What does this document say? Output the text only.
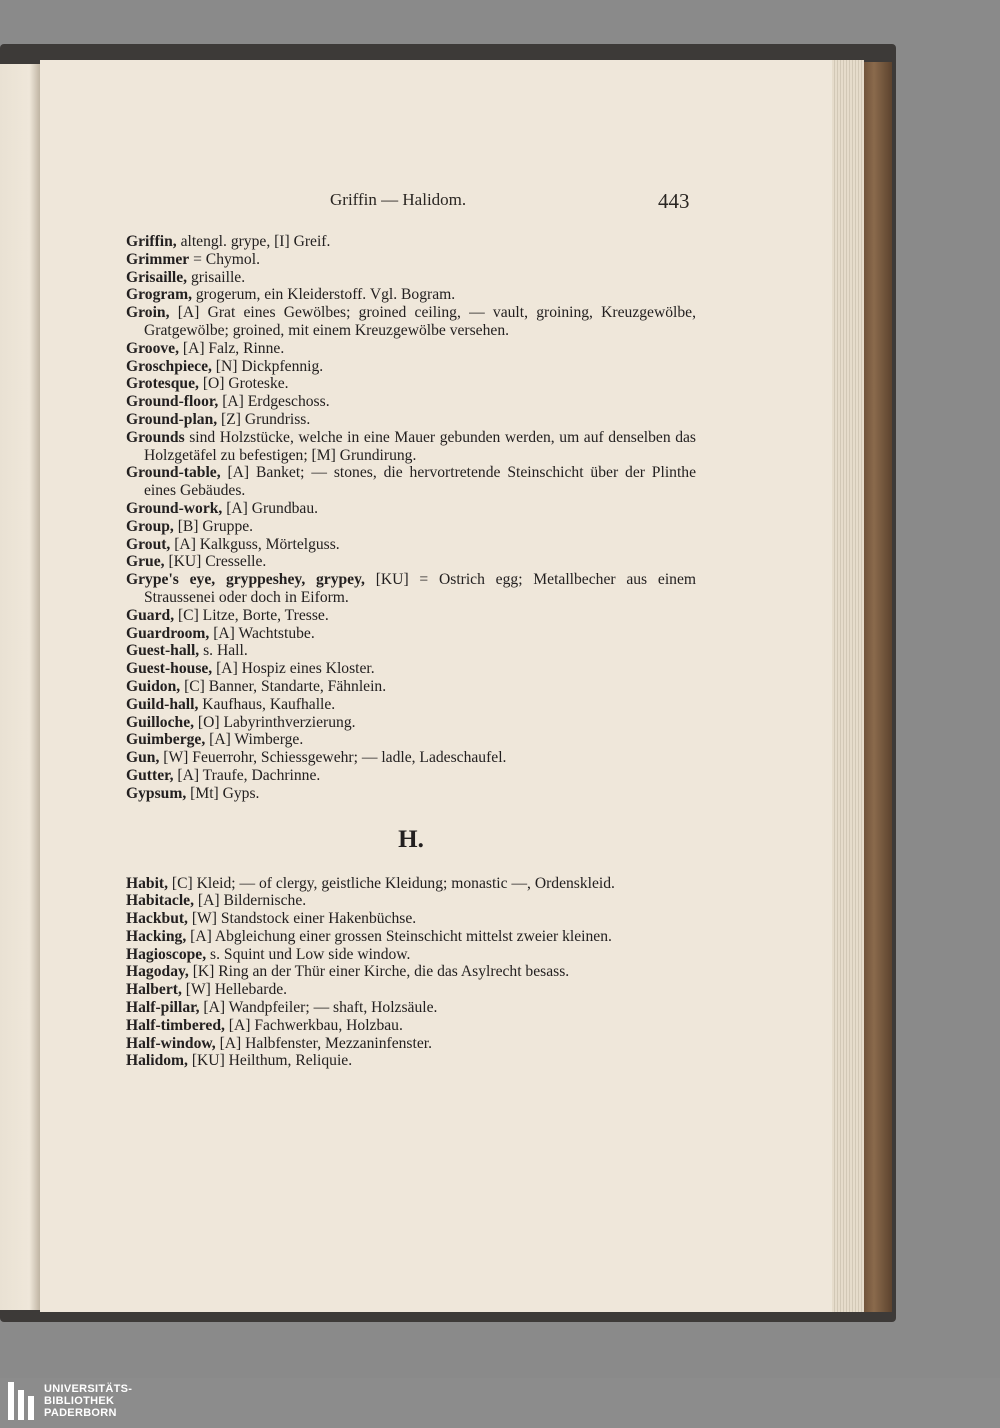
Griffin — Halidom.	443
Griffin, altengl. grype, [I] Greif.
Grimmer = Chymol.
Grisaille, grisaille.
Grogram, grogerum, ein Kleiderstoff. Vgl. Bogram.
Groin, [A] Grat eines Gewölbes; groined ceiling, — vault, groining, Kreuzgewölbe, Gratgewölbe; groined, mit einem Kreuzgewölbe versehen.
Groove, [A] Falz, Rinne.
Groschpiece, [N] Dickpfennig.
Grotesque, [O] Groteske.
Ground-floor, [A] Erdgeschoss.
Ground-plan, [Z] Grundriss.
Grounds sind Holzstücke, welche in eine Mauer gebunden werden, um auf denselben das Holzgetäfel zu befestigen; [M] Grundirung.
Ground-table, [A] Banket; — stones, die hervortretende Steinschicht über der Plinthe eines Gebäudes.
Ground-work, [A] Grundbau.
Group, [B] Gruppe.
Grout, [A] Kalkguss, Mörtelguss.
Grue, [KU] Cresselle.
Grype's eye, gryppeshey, grypey, [KU] = Ostrich egg; Metallbecher aus einem Straussenei oder doch in Eiform.
Guard, [C] Litze, Borte, Tresse.
Guardroom, [A] Wachtstube.
Guest-hall, s. Hall.
Guest-house, [A] Hospiz eines Kloster.
Guidon, [C] Banner, Standarte, Fähnlein.
Guild-hall, Kaufhaus, Kaufhalle.
Guilloche, [O] Labyrinthverzierung.
Guimberge, [A] Wimberge.
Gun, [W] Feuerrohr, Schiessgewehr; — ladle, Ladeschaufel.
Gutter, [A] Traufe, Dachrinne.
Gypsum, [Mt] Gyps.
H.
Habit, [C] Kleid; — of clergy, geistliche Kleidung; monastic —, Ordenskleid.
Habitacle, [A] Bildernische.
Hackbut, [W] Standstock einer Hakenbüchse.
Hacking, [A] Abgleichung einer grossen Steinschicht mittelst zweier kleinen.
Hagioscope, s. Squint und Low side window.
Hagoday, [K] Ring an der Thür einer Kirche, die das Asylrecht besass.
Halbert, [W] Hellebarde.
Half-pillar, [A] Wandpfeiler; — shaft, Holzsäule.
Half-timbered, [A] Fachwerkbau, Holzbau.
Half-window, [A] Halbfenster, Mezzaninfenster.
Halidom, [KU] Heilthum, Reliquie.
UNIVERSITÄTS-
BIBLIOTHEK
PADERBORN
